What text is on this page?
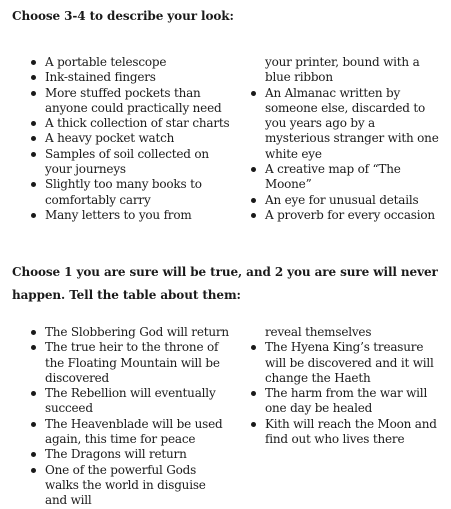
Choose 3-4 to describe your look:

A portable telescope
Ink-stained fingers
More stuffed pockets than anyone could practically need
A thick collection of star charts
A heavy pocket watch
Samples of soil collected on your journeys
Slightly too many books to comfortably carry
Many letters to you from
your printer, bound with a blue ribbon
An Almanac written by someone else, discarded to you years ago by a mysterious stranger with one white eye
A creative map of “The Moone”
An eye for unusual details
A proverb for every occasion

Choose 1 you are sure will be true, and 2 you are sure will never

happen. Tell the table about them:

The Slobbering God will return
The true heir to the throne of the Floating Mountain will be discovered
The Rebellion will eventually succeed
The Heavenblade will be used again, this time for peace
The Dragons will return
One of the powerful Gods walks the world in disguise and will
reveal themselves
The Hyena King’s treasure will be discovered and it will change the Haeth
The harm from the war will one day be healed
Kith will reach the Moon and find out who lives there
